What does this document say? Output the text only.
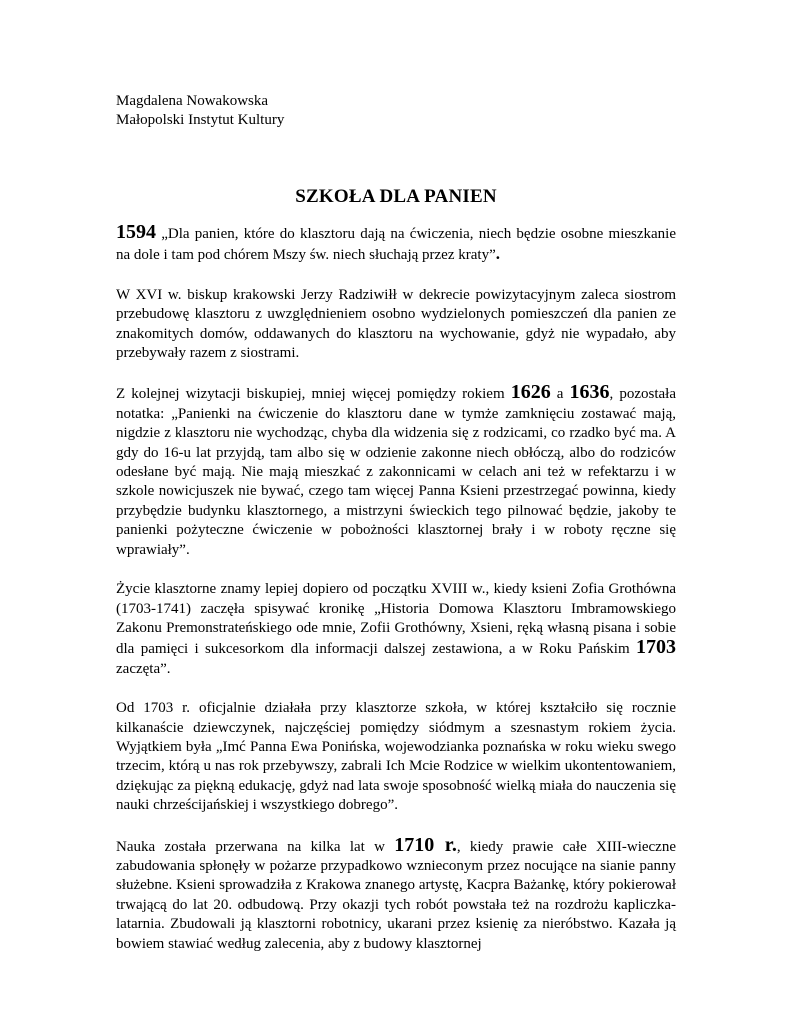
Magdalena Nowakowska
Małopolski Instytut Kultury
SZKOŁA DLA PANIEN

1594 „Dla panien, które do klasztoru dają na ćwiczenia, niech będzie osobne mieszkanie na dole i tam pod chórem Mszy św. niech słuchają przez kraty”.

W XVI w. biskup krakowski Jerzy Radziwiłł w dekrecie powizytacyjnym zaleca siostrom przebudowę klasztoru z uwzględnieniem osobno wydzielonych pomieszczeń dla panien ze znakomitych domów, oddawanych do klasztoru na wychowanie, gdyż nie wypadało, aby przebywały razem z siostrami.

Z kolejnej wizytacji biskupiej, mniej więcej pomiędzy rokiem 1626 a 1636, pozostała notatka: „Panienki na ćwiczenie do klasztoru dane w tymże zamknięciu zostawać mają, nigdzie z klasztoru nie wychodząc, chyba dla widzenia się z rodzicami, co rzadko być ma. A gdy do 16-u lat przyjdą, tam albo się w odzienie zakonne niech obłóczą, albo do rodziców odesłane być mają. Nie mają mieszkać z zakonnicami w celach ani też w refektarzu i w szkole nowicjuszek nie bywać, czego tam więcej Panna Ksieni przestrzegać powinna, kiedy przybędzie budynku klasztornego, a mistrzyni świeckich tego pilnować będzie, jakoby te panienki pożyteczne ćwiczenie w pobożności klasztornej brały i w roboty ręczne się wprawiały”.

Życie klasztorne znamy lepiej dopiero od początku XVIII w., kiedy ksieni Zofia Grothówna (1703-1741) zaczęła spisywać kronikę „Historia Domowa Klasztoru Imbramowskiego Zakonu Premonstrateńskiego ode mnie, Zofii Grothówny, Xsieni, ręką własną pisana i sobie dla pamięci i sukcesorkom dla informacji dalszej zestawiona, a w Roku Pańskim 1703 zaczęta”.

Od 1703 r. oficjalnie działała przy klasztorze szkoła, w której kształciło się rocznie kilkanaście dziewczynek, najczęściej pomiędzy siódmym a szesnastym rokiem życia. Wyjątkiem była „Imć Panna Ewa Ponińska, wojewodzianka poznańska w roku wieku swego trzecim, którą u nas rok przebywszy, zabrali Ich Mcie Rodzice w wielkim ukontentowaniem, dziękując za piękną edukację, gdyż nad lata swoje sposobność wielką miała do nauczenia się nauki chrześcijańskiej i wszystkiego dobrego”.

Nauka została przerwana na kilka lat w 1710 r., kiedy prawie całe XIII-wieczne zabudowania spłonęły w pożarze przypadkowo wznieconym przez nocujące na sianie panny służebne. Ksieni sprowadziła z Krakowa znanego artystę, Kacpra Bażankę, który pokierował trwającą do lat 20. odbudową. Przy okazji tych robót powstała też na rozdrożu kapliczka-latarnia. Zbudowali ją klasztorni robotnicy, ukarani przez ksienię za nieróbstwo. Kazała ją bowiem stawiać według zalecenia, aby z budowy klasztornej
